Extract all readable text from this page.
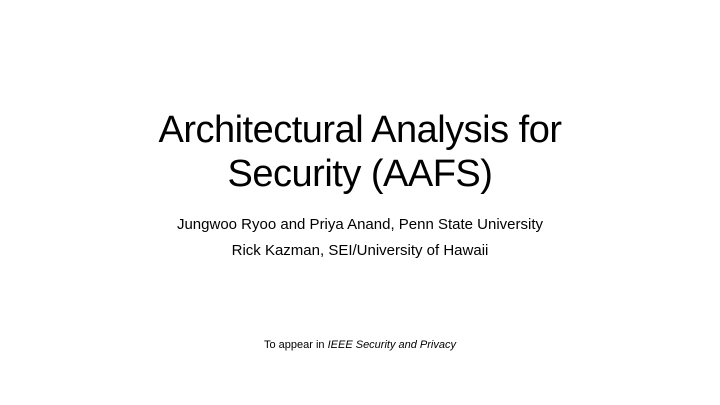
Architectural Analysis for
Security (AAFS)
Jungwoo Ryoo and Priya Anand, Penn State University
Rick Kazman, SEI/University of Hawaii
To appear in IEEE Security and Privacy
